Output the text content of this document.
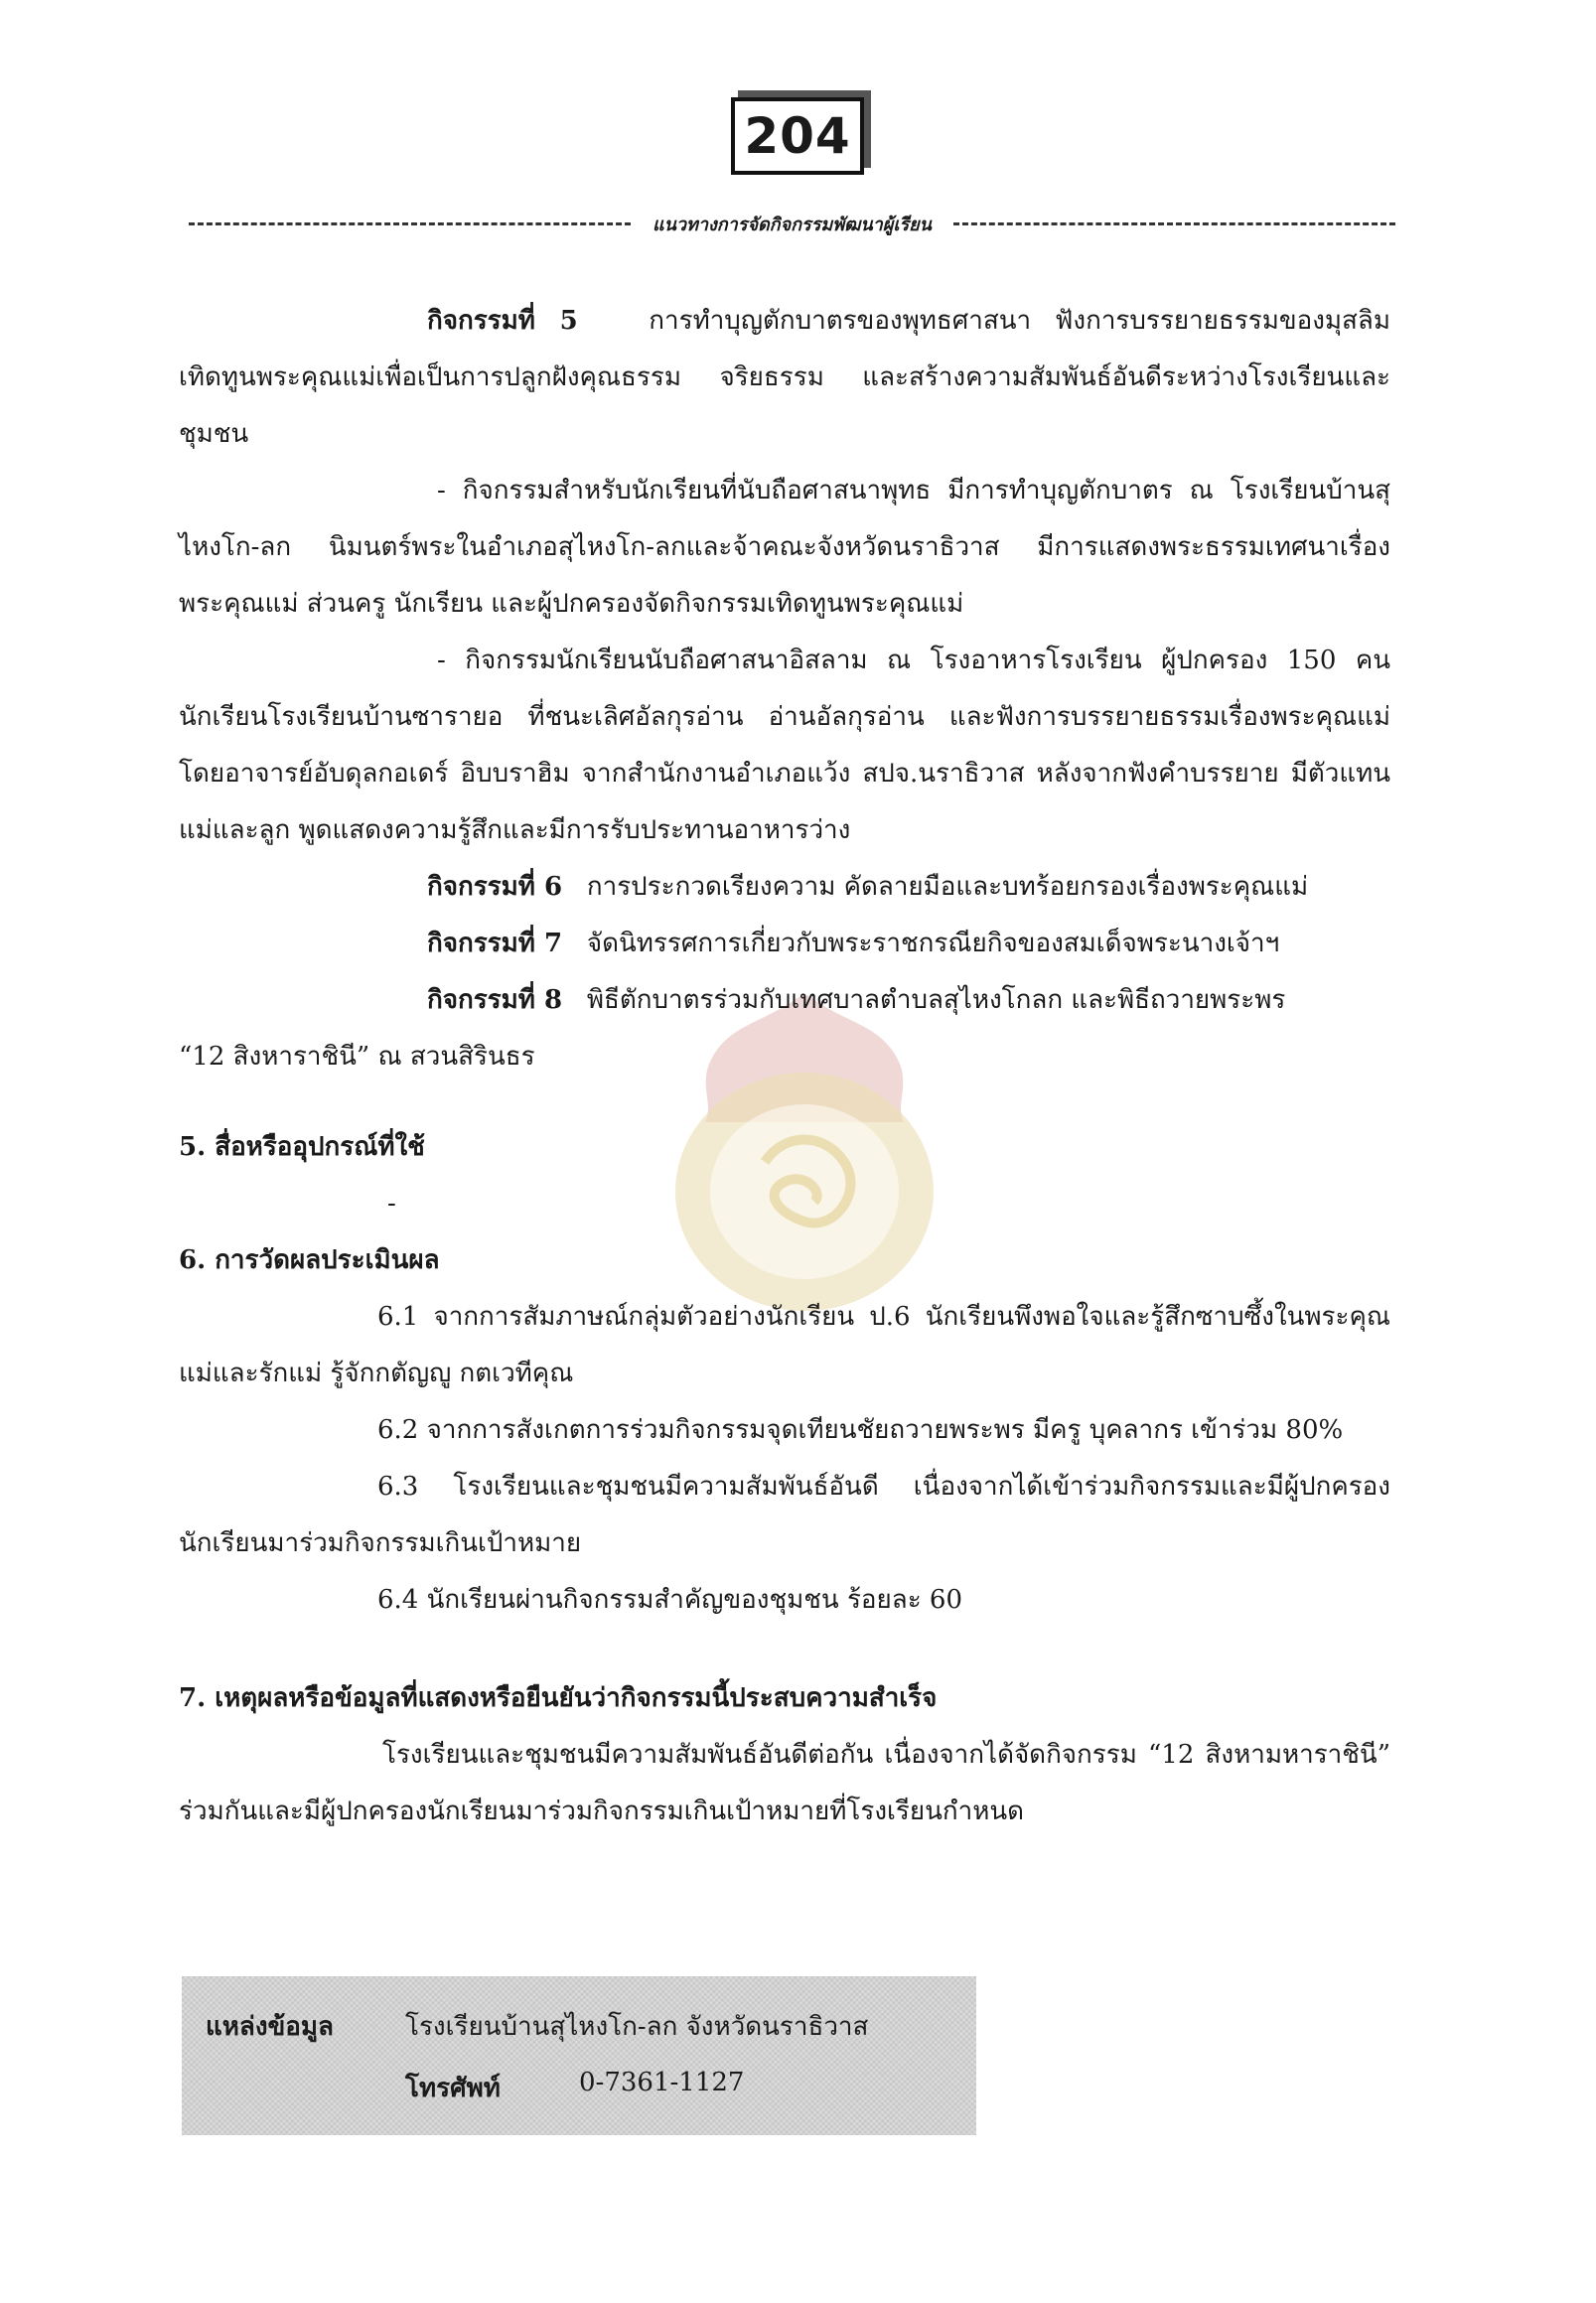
204
แนวทางการจัดกิจกรรมพัฒนาผู้เรียน

กิจกรรมที่ 5	การทำบุญตักบาตรของพุทธศาสนา ฟังการบรรยายธรรมของมุสลิม เทิดทูนพระคุณแม่เพื่อเป็นการปลูกฝังคุณธรรม จริยธรรม และสร้างความสัมพันธ์อันดีระหว่างโรงเรียนและชุมชน

- กิจกรรมสำหรับนักเรียนที่นับถือศาสนาพุทธ มีการทำบุญตักบาตร ณ โรงเรียนบ้านสุไหงโก-ลก นิมนตร์พระในอำเภอสุไหงโก-ลกและจ้าคณะจังหวัดนราธิวาส มีการแสดงพระธรรมเทศนาเรื่อง พระคุณแม่ ส่วนครู นักเรียน และผู้ปกครองจัดกิจกรรมเทิดทูนพระคุณแม่

- กิจกรรมนักเรียนนับถือศาสนาอิสลาม ณ โรงอาหารโรงเรียน ผู้ปกครอง 150 คน นักเรียนโรงเรียนบ้านซารายอ ที่ชนะเลิศอัลกุรอ่าน อ่านอัลกุรอ่าน และฟังการบรรยายธรรมเรื่องพระคุณแม่ โดยอาจารย์อับดุลกอเดร์ อิบบราฮิม จากสำนักงานอำเภอแว้ง สปจ.นราธิวาส หลังจากฟังคำบรรยาย มีตัวแทนแม่และลูก พูดแสดงความรู้สึกและมีการรับประทานอาหารว่าง

กิจกรรมที่ 6 การประกวดเรียงความ คัดลายมือและบทร้อยกรองเรื่องพระคุณแม่

กิจกรรมที่ 7 จัดนิทรรศการเกี่ยวกับพระราชกรณียกิจของสมเด็จพระนางเจ้าฯ

กิจกรรมที่ 8 พิธีตักบาตรร่วมกับเทศบาลตำบลสุไหงโกลก และพิธีถวายพระพร

“12 สิงหาราชินี” ณ สวนสิรินธร

5. สื่อหรืออุปกรณ์ที่ใช้

-

6. การวัดผลประเมินผล

6.1 จากการสัมภาษณ์กลุ่มตัวอย่างนักเรียน ป.6 นักเรียนพึงพอใจและรู้สึกซาบซึ้งในพระคุณแม่และรักแม่ รู้จักกตัญญู กตเวทีคุณ

6.2 จากการสังเกตการร่วมกิจกรรมจุดเทียนชัยถวายพระพร มีครู บุคลากร เข้าร่วม 80%

6.3 โรงเรียนและชุมชนมีความสัมพันธ์อันดี เนื่องจากได้เข้าร่วมกิจกรรมและมีผู้ปกครองนักเรียนมาร่วมกิจกรรมเกินเป้าหมาย

6.4 นักเรียนผ่านกิจกรรมสำคัญของชุมชน ร้อยละ 60

7. เหตุผลหรือข้อมูลที่แสดงหรือยืนยันว่ากิจกรรมนี้ประสบความสำเร็จ

โรงเรียนและชุมชนมีความสัมพันธ์อันดีต่อกัน เนื่องจากได้จัดกิจกรรม “12 สิงหามหาราชินี” ร่วมกันและมีผู้ปกครองนักเรียนมาร่วมกิจกรรมเกินเป้าหมายที่โรงเรียนกำหนด

แหล่งข้อมูล	โรงเรียนบ้านสุไหงโก-ลก จังหวัดนราธิวาส
โทรศัพท์	0-7361-1127
